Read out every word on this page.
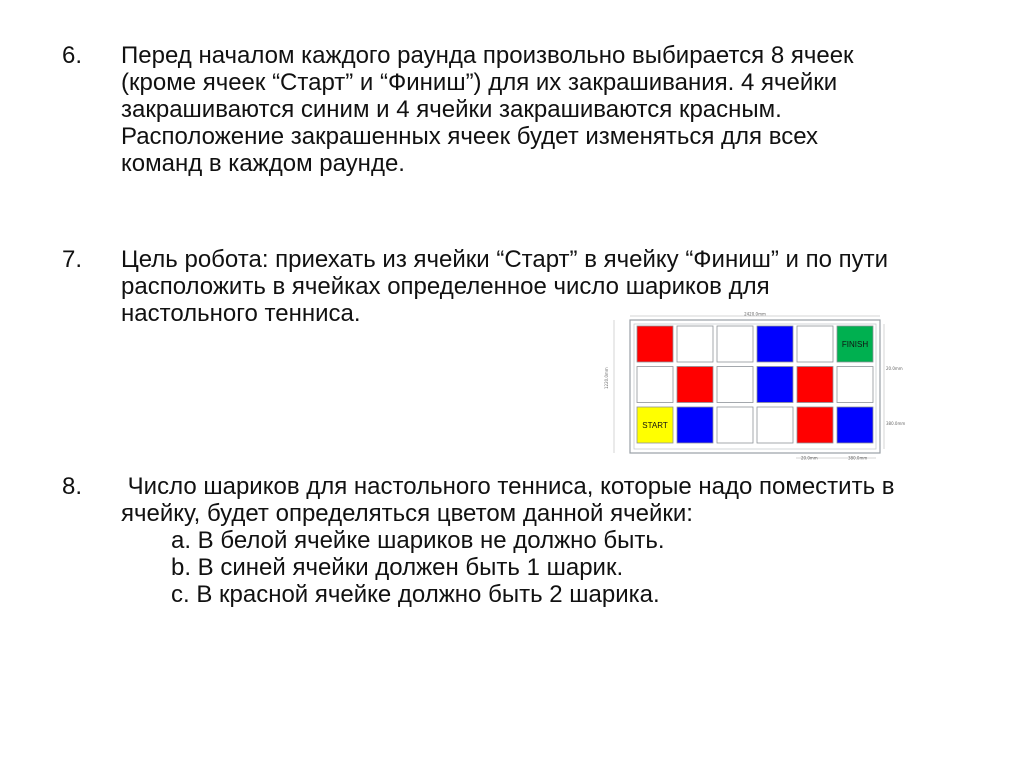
6. Перед началом каждого раунда произвольно выбирается 8 ячеек
(кроме ячеек “Старт” и “Финиш”) для их закрашивания. 4 ячейки
закрашиваются синим и 4 ячейки закрашиваются красным.
Расположение закрашенных ячеек будет изменяться для всех
команд в каждом раунде.
7. Цель робота: приехать из ячейки “Старт” в ячейку “Финиш” и по пути
расположить в ячейках определенное число шариков для
настольного тенниса.	2420.0mm
1220.0mm	20.0mm
380.0mm
20.0mm	380.0mm
START
FINISH
8. Число шариков для настольного тенниса, которые надо поместить в
ячейку, будет определяться цветом данной ячейки:
a. В белой ячейке шариков не должно быть.
b. В синей ячейки должен быть 1 шарик.
c. В красной ячейке должно быть 2 шарика.
